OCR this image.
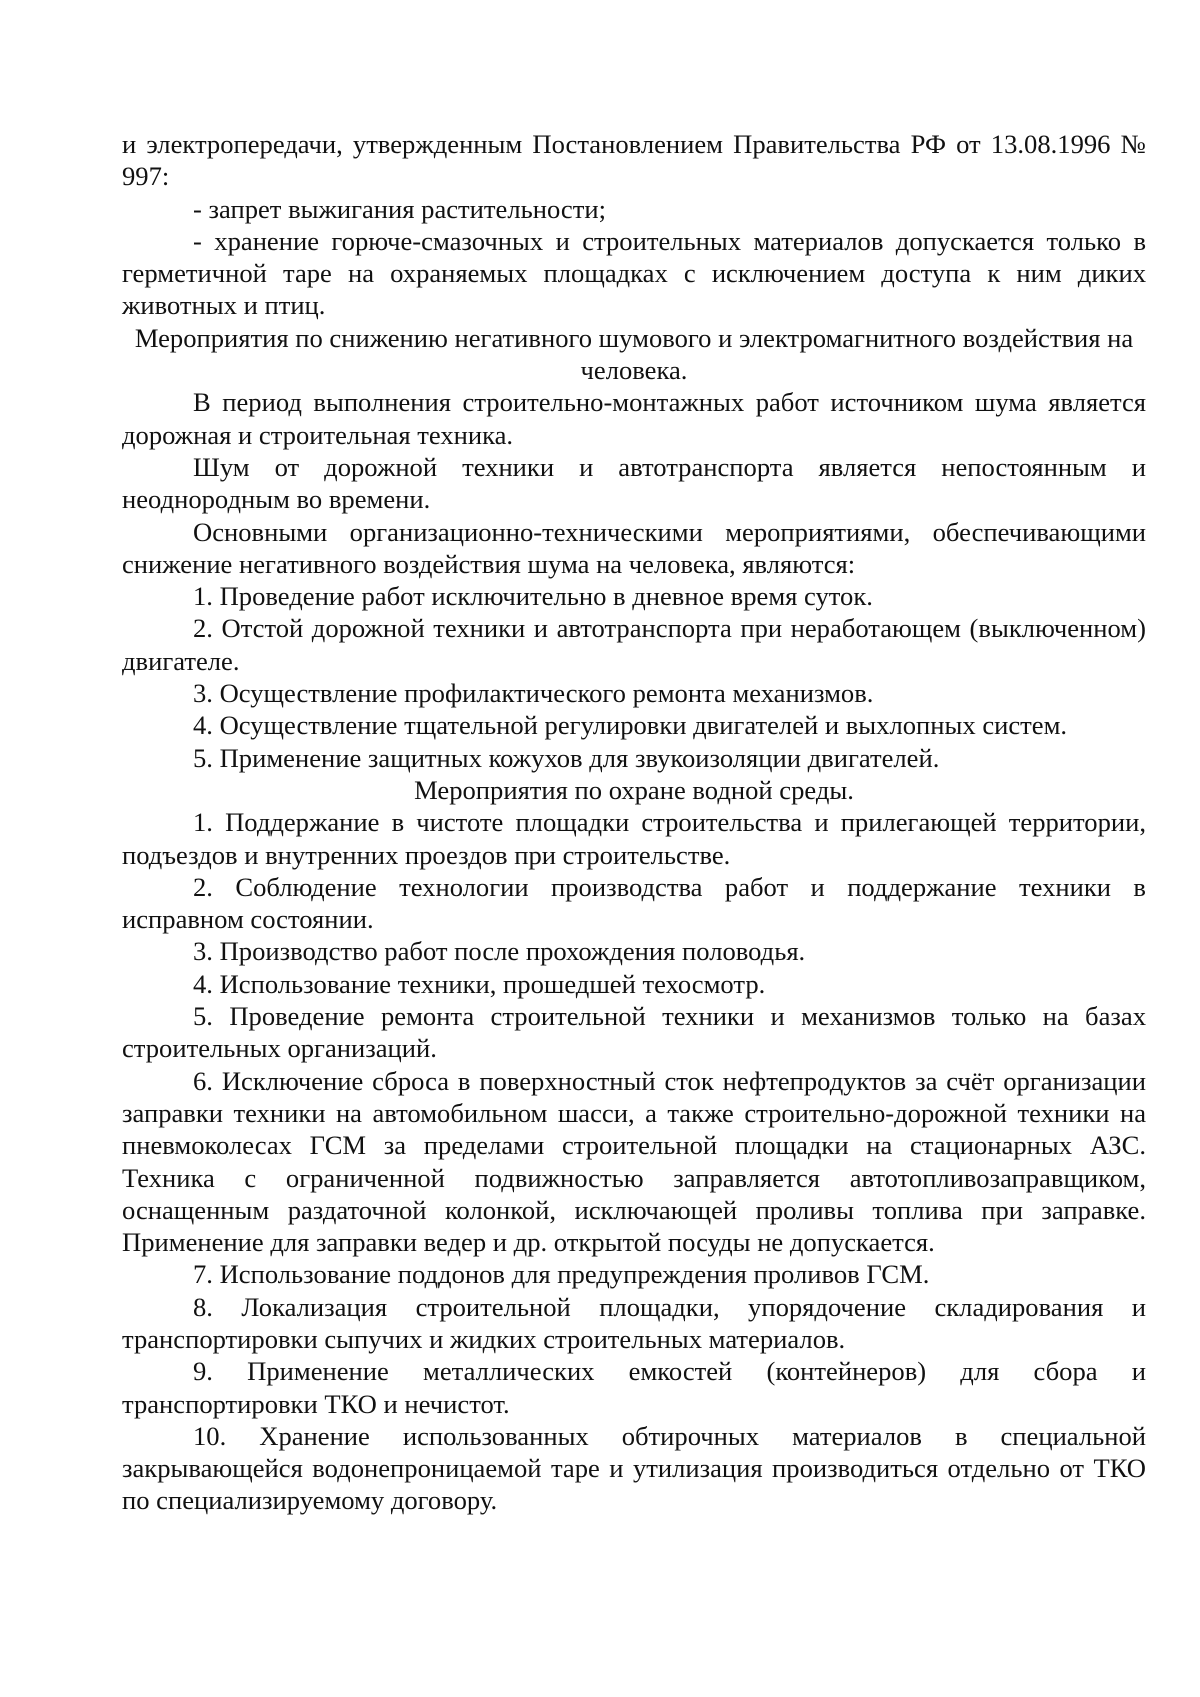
и электропередачи, утвержденным Постановлением Правительства РФ от 13.08.1996 № 997:

- запрет выжигания растительности;

- хранение горюче-смазочных и строительных материалов допускается только в герметичной таре на охраняемых площадках с исключением доступа к ним диких животных и птиц.

Мероприятия по снижению негативного шумового и электромагнитного воздействия на человека.

В период выполнения строительно-монтажных работ источником шума является дорожная и строительная техника.

Шум от дорожной техники и автотранспорта является непостоянным и неоднородным во времени.

Основными организационно-техническими мероприятиями, обеспечивающими снижение негативного воздействия шума на человека, являются:

1. Проведение работ исключительно в дневное время суток.

2. Отстой дорожной техники и автотранспорта при неработающем (выключенном) двигателе.

3. Осуществление профилактического ремонта механизмов.

4. Осуществление тщательной регулировки двигателей и выхлопных систем.

5. Применение защитных кожухов для звукоизоляции двигателей.

Мероприятия по охране водной среды.

1. Поддержание в чистоте площадки строительства и прилегающей территории, подъездов и внутренних проездов при строительстве.

2. Соблюдение технологии производства работ и поддержание техники в исправном состоянии.

3. Производство работ после прохождения половодья.

4. Использование техники, прошедшей техосмотр.

5. Проведение ремонта строительной техники и механизмов только на базах строительных организаций.

6. Исключение сброса в поверхностный сток нефтепродуктов за счёт организации заправки техники на автомобильном шасси, а также строительно-дорожной техники на пневмоколесах ГСМ за пределами строительной площадки на стационарных АЗС. Техника с ограниченной подвижностью заправляется автотопливозаправщиком, оснащенным раздаточной колонкой, исключающей проливы топлива при заправке. Применение для заправки ведер и др. открытой посуды не допускается.

7. Использование поддонов для предупреждения проливов ГСМ.

8. Локализация строительной площадки, упорядочение складирования и транспортировки сыпучих и жидких строительных материалов.

9. Применение металлических емкостей (контейнеров) для сбора и транспортировки ТКО и нечистот.

10. Хранение использованных обтирочных материалов в специальной закрывающейся водонепроницаемой таре и утилизация производиться отдельно от ТКО по специализируемому договору.
